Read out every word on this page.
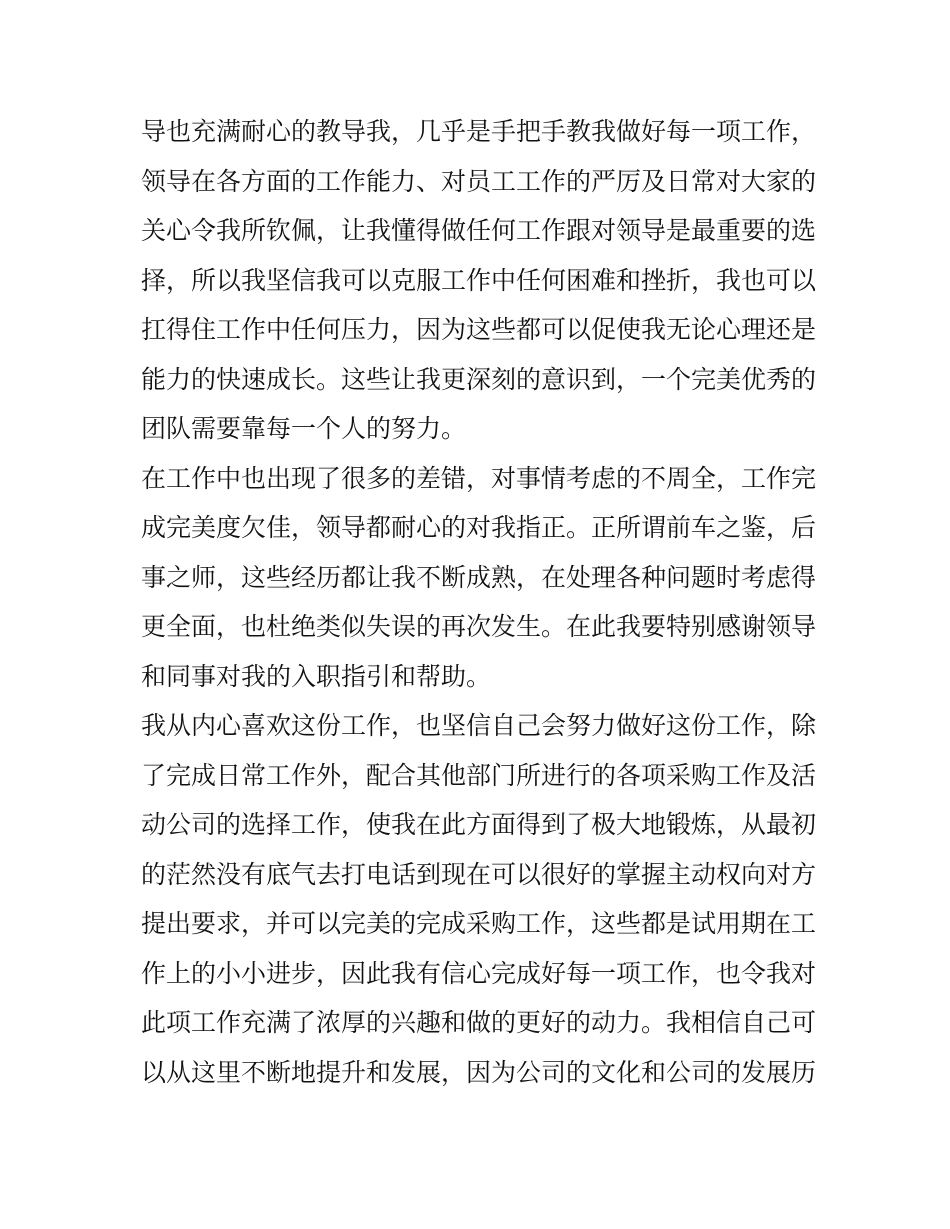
导也充满耐心的教导我，几乎是手把手教我做好每一项工作，
领导在各方面的工作能力、对员工工作的严厉及日常对大家的
关心令我所钦佩，让我懂得做任何工作跟对领导是最重要的选
择，所以我坚信我可以克服工作中任何困难和挫折，我也可以
扛得住工作中任何压力，因为这些都可以促使我无论心理还是
能力的快速成长。这些让我更深刻的意识到，一个完美优秀的
团队需要靠每一个人的努力。
在工作中也出现了很多的差错，对事情考虑的不周全，工作完
成完美度欠佳，领导都耐心的对我指正。正所谓前车之鉴，后
事之师，这些经历都让我不断成熟，在处理各种问题时考虑得
更全面，也杜绝类似失误的再次发生。在此我要特别感谢领导
和同事对我的入职指引和帮助。
我从内心喜欢这份工作，也坚信自己会努力做好这份工作，除
了完成日常工作外，配合其他部门所进行的各项采购工作及活
动公司的选择工作，使我在此方面得到了极大地锻炼，从最初
的茫然没有底气去打电话到现在可以很好的掌握主动权向对方
提出要求，并可以完美的完成采购工作，这些都是试用期在工
作上的小小进步，因此我有信心完成好每一项工作，也令我对
此项工作充满了浓厚的兴趣和做的更好的动力。我相信自己可
以从这里不断地提升和发展，因为公司的文化和公司的发展历
